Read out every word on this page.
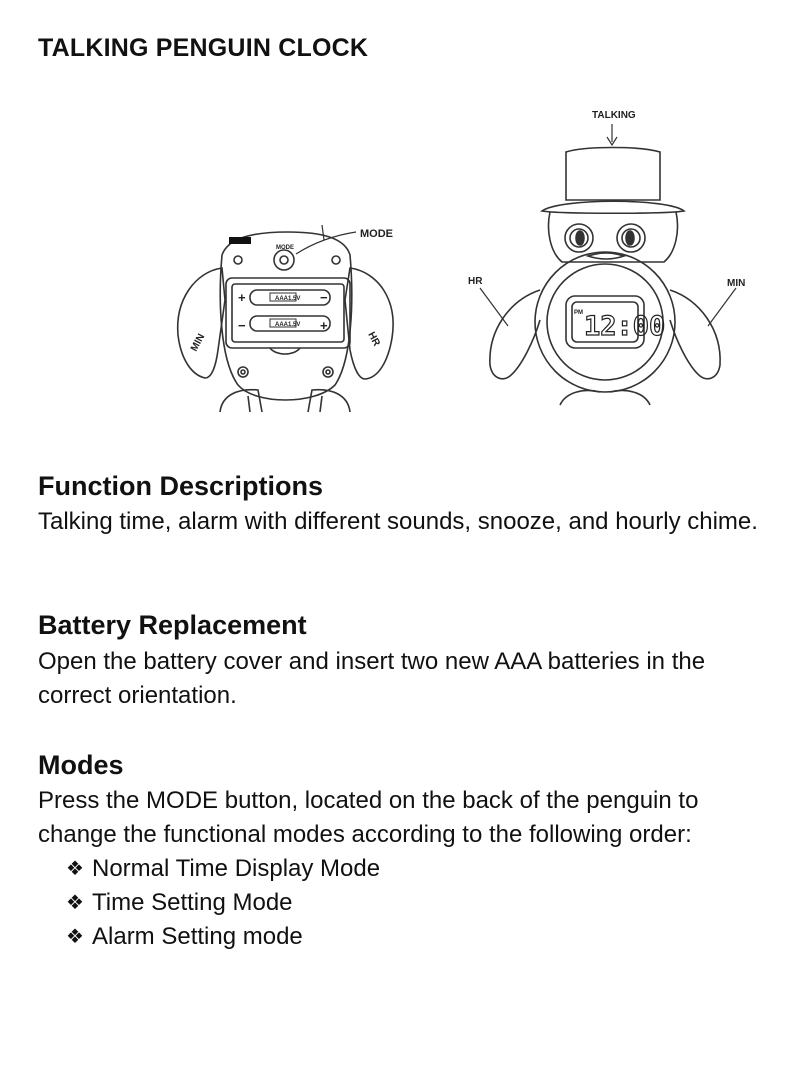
TALKING PENGUIN CLOCK
MODE
MODE
AAA1.5V
AAA1.5V
+	−
−	+
MIN	HR
TALKING
HR	MIN
PM 12:00
Function Descriptions

Talking time, alarm with different sounds, snooze, and hourly chime.

Battery Replacement

Open the battery cover and insert two new AAA batteries in the correct orientation.

Modes

Press the MODE button, located on the back of the penguin to change the functional modes according to the following order:

❖ Normal Time Display Mode
❖ Time Setting Mode
❖ Alarm Setting mode
